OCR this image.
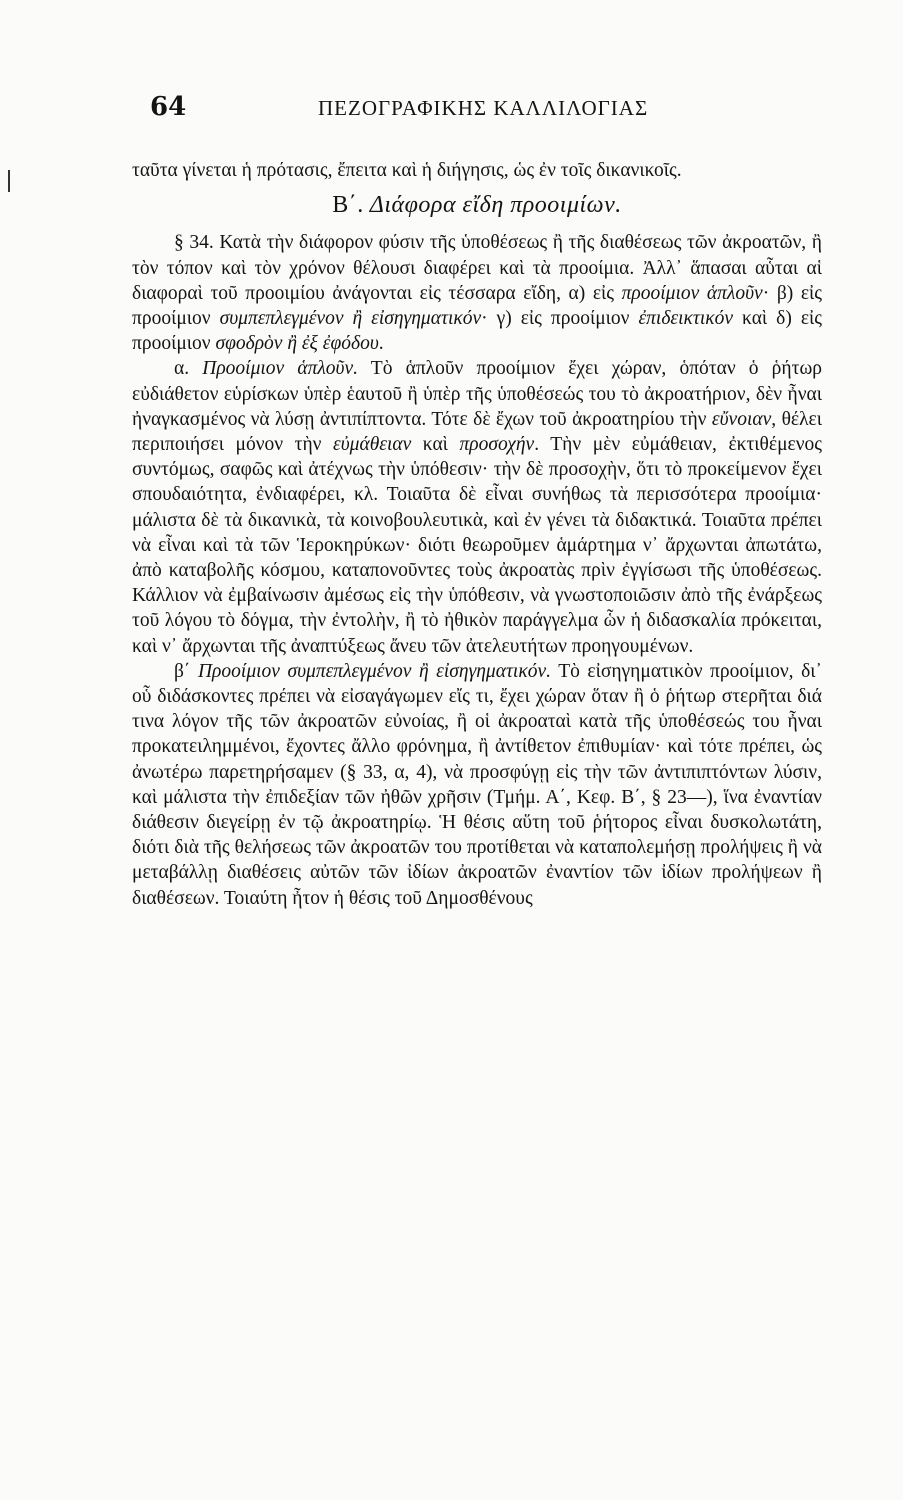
64	ΠΕΖΟΓΡΑΦΙΚΗΣ ΚΑΛΛΙΛΟΓΙΑΣ

ταῦτα γίνεται ἡ πρότασις, ἔπειτα καὶ ἡ διήγησις, ὡς ἐν τοῖς δικανικοῖς.

Β΄. Διάφορα εἴδη προοιμίων.

§ 34. Κατὰ τὴν διάφορον φύσιν τῆς ὑποθέσεως ἢ τῆς διαθέσεως τῶν ἀκροατῶν, ἢ τὸν τόπον καὶ τὸν χρόνον θέλουσι διαφέρει καὶ τὰ προοίμια. Ἀλλ᾽ ἅπασαι αὗται αἱ διαφοραὶ τοῦ προοιμίου ἀνάγονται εἰς τέσσαρα εἴδη, α) εἰς προοίμιον ἁπλοῦν· β) εἰς προοίμιον συμπεπλεγμένον ἢ εἰσηγηματικόν· γ) εἰς προοίμιον ἐπιδεικτικόν καὶ δ) εἰς προοίμιον σφοδρὸν ἢ ἐξ ἐφόδου.

α. Προοίμιον ἁπλοῦν. Τὸ ἁπλοῦν προοίμιον ἔχει χώραν, ὁπόταν ὁ ῥήτωρ εὐδιάθετον εὑρίσκων ὑπὲρ ἑαυτοῦ ἢ ὑπὲρ τῆς ὑποθέσεώς του τὸ ἀκροατήριον, δὲν ἦναι ἠναγκασμένος νὰ λύσῃ ἀντιπίπτοντα. Τότε δὲ ἔχων τοῦ ἀκροατηρίου τὴν εὔνοιαν, θέλει περιποιήσει μόνον τὴν εὐμάθειαν καὶ προσοχήν. Τὴν μὲν εὐμάθειαν, ἐκτιθέμενος συντόμως, σαφῶς καὶ ἀτέχνως τὴν ὑπόθεσιν· τὴν δὲ προσοχὴν, ὅτι τὸ προκείμενον ἔχει σπουδαιότητα, ἐνδιαφέρει, κλ. Τοιαῦτα δὲ εἶναι συνήθως τὰ περισσότερα προοίμια· μάλιστα δὲ τὰ δικανικὰ, τὰ κοινοβουλευτικὰ, καὶ ἐν γένει τὰ διδακτικά. Τοιαῦτα πρέπει νὰ εἶναι καὶ τὰ τῶν Ἱεροκηρύκων· διότι θεωροῦμεν ἁμάρτημα ν᾽ ἄρχωνται ἀπωτάτω, ἀπὸ καταβολῆς κόσμου, καταπονοῦντες τοὺς ἀκροατὰς πρὶν ἐγγίσωσι τῆς ὑποθέσεως. Κάλλιον νὰ ἐμβαίνωσιν ἀμέσως εἰς τὴν ὑπόθεσιν, νὰ γνωστοποιῶσιν ἀπὸ τῆς ἐνάρξεως τοῦ λόγου τὸ δόγμα, τὴν ἐντολὴν, ἢ τὸ ἠθικὸν παράγγελμα ὧν ἡ διδασκαλία πρόκειται, καὶ ν᾽ ἄρχωνται τῆς ἀναπτύξεως ἄνευ τῶν ἀτελευτήτων προηγουμένων.

β΄ Προοίμιον συμπεπλεγμένον ἢ εἰσηγηματικόν. Τὸ εἰσηγηματικὸν προοίμιον, δι᾽ οὗ διδάσκοντες πρέπει νὰ εἰσαγάγωμεν εἴς τι, ἔχει χώραν ὅταν ἢ ὁ ῥήτωρ στερῆται διά τινα λόγον τῆς τῶν ἀκροατῶν εὐνοίας, ἢ οἱ ἀκροαταὶ κατὰ τῆς ὑποθέσεώς του ἦναι προκατειλημμένοι, ἔχοντες ἄλλο φρόνημα, ἢ ἀντίθετον ἐπιθυμίαν· καὶ τότε πρέπει, ὡς ἀνωτέρω παρετηρήσαμεν (§ 33, α, 4), νὰ προσφύγῃ εἰς τὴν τῶν ἀντιπιπτόντων λύσιν, καὶ μάλιστα τὴν ἐπιδεξίαν τῶν ἠθῶν χρῆσιν (Τμήμ. Α΄, Κεφ. Β΄, § 23—), ἵνα ἐναντίαν διάθεσιν διεγείρῃ ἐν τῷ ἀκροατηρίῳ. Ἡ θέσις αὕτη τοῦ ῥήτορος εἶναι δυσκολωτάτη, διότι διὰ τῆς θελήσεως τῶν ἀκροατῶν του προτίθεται νὰ καταπολεμήσῃ προλήψεις ἢ νὰ μεταβάλλῃ διαθέσεις αὐτῶν τῶν ἰδίων ἀκροατῶν ἐναντίον τῶν ἰδίων προλήψεων ἢ διαθέσεων. Τοιαύτη ἦτον ἡ θέσις τοῦ Δημοσθένους
